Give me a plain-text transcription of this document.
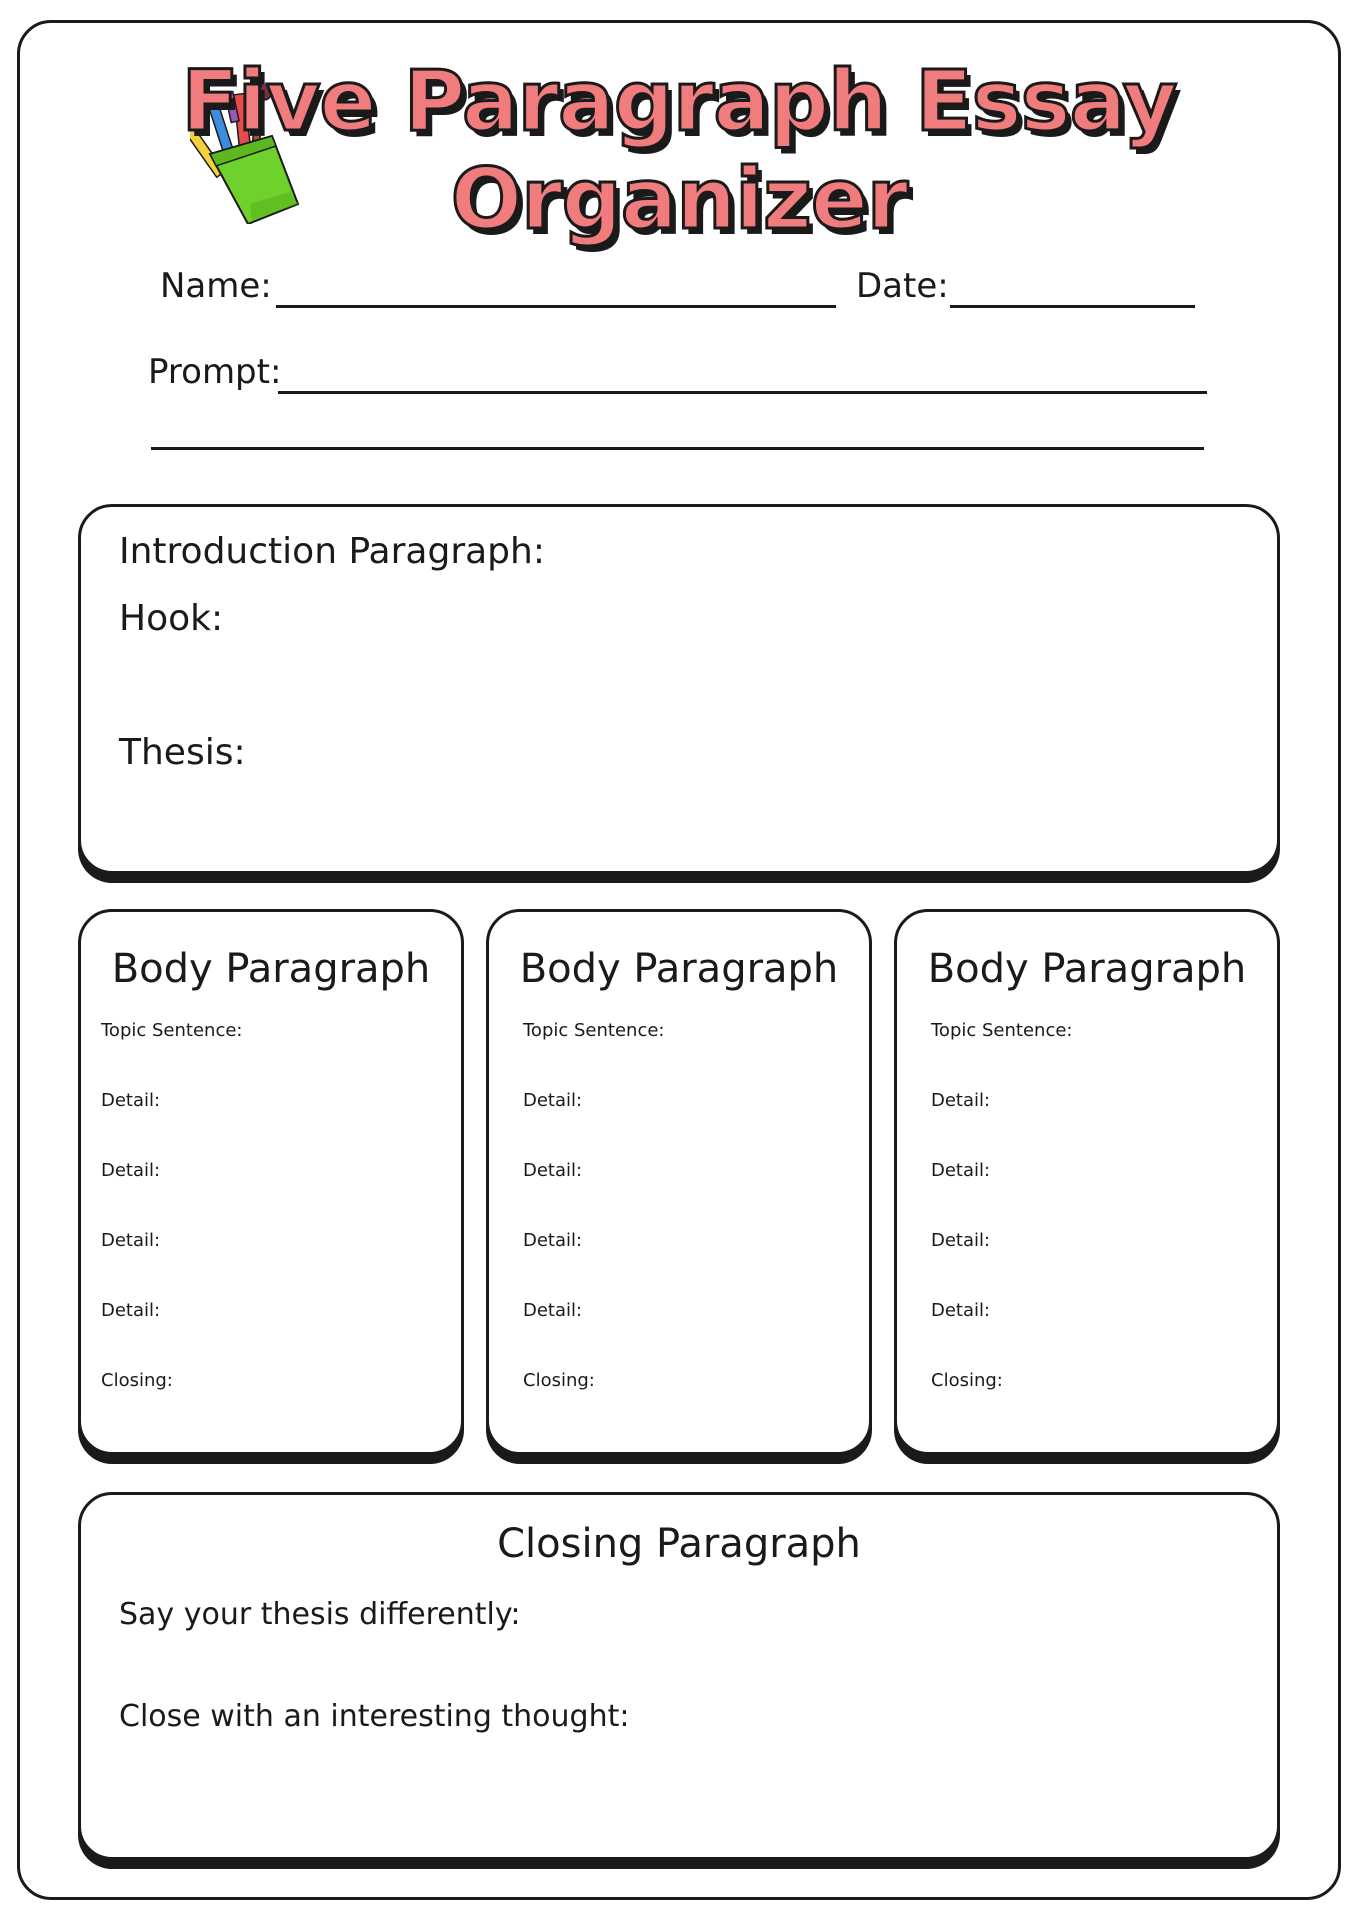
Five Paragraph Essay
Organizer
Name:	Date:
Prompt:
Introduction Paragraph:
Hook:
Thesis:
Body Paragraph
Topic Sentence:
Detail:
Detail:
Detail:
Detail:
Closing:
Body Paragraph
Topic Sentence:
Detail:
Detail:
Detail:
Detail:
Closing:
Body Paragraph
Topic Sentence:
Detail:
Detail:
Detail:
Detail:
Closing:
Closing Paragraph
Say your thesis differently:
Close with an interesting thought:
